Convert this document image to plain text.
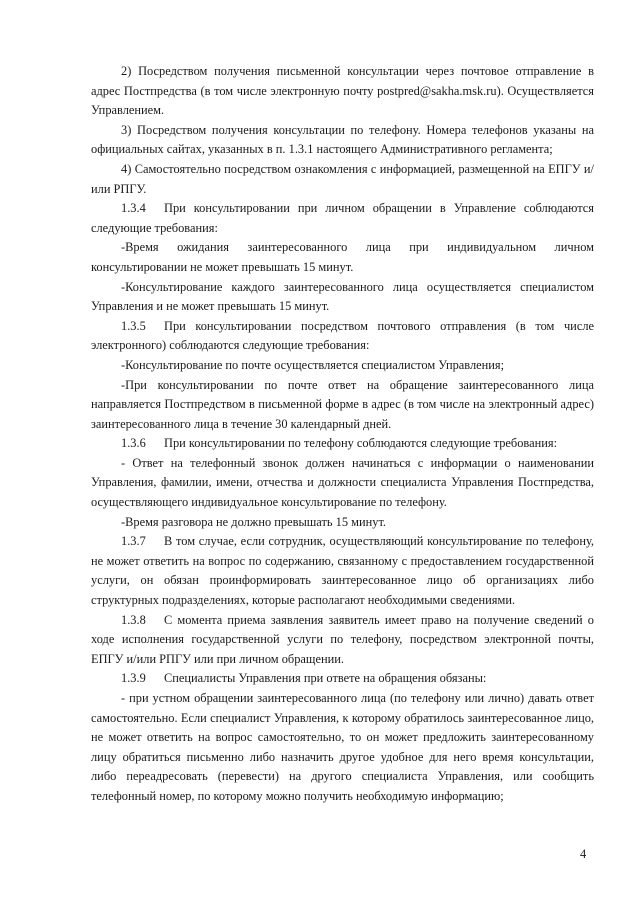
2) Посредством получения письменной консультации через почтовое отправление в адрес Постпредства (в том числе электронную почту postpred@sakha.msk.ru). Осуществляется Управлением.

3) Посредством получения консультации по телефону. Номера телефонов указаны на официальных сайтах, указанных в п. 1.3.1 настоящего Административного регламента;

4) Самостоятельно посредством ознакомления с информацией, размещенной на ЕПГУ и/или РПГУ.

1.3.4 При консультировании при личном обращении в Управление соблюдаются следующие требования:

-Время ожидания заинтересованного лица при индивидуальном личном консультировании не может превышать 15 минут.

-Консультирование каждого заинтересованного лица осуществляется специалистом Управления и не может превышать 15 минут.

1.3.5 При консультировании посредством почтового отправления (в том числе электронного) соблюдаются следующие требования:

-Консультирование по почте осуществляется специалистом Управления;

-При консультировании по почте ответ на обращение заинтересованного лица направляется Постпредством в письменной форме в адрес (в том числе на электронный адрес) заинтересованного лица в течение 30 календарный дней.

1.3.6 При консультировании по телефону соблюдаются следующие требования:

- Ответ на телефонный звонок должен начинаться с информации о наименовании Управления, фамилии, имени, отчества и должности специалиста Управления Постпредства, осуществляющего индивидуальное консультирование по телефону.

-Время разговора не должно превышать 15 минут.

1.3.7 В том случае, если сотрудник, осуществляющий консультирование по телефону, не может ответить на вопрос по содержанию, связанному с предоставлением государственной услуги, он обязан проинформировать заинтересованное лицо об организациях либо структурных подразделениях, которые располагают необходимыми сведениями.

1.3.8 С момента приема заявления заявитель имеет право на получение сведений о ходе исполнения государственной услуги по телефону, посредством электронной почты, ЕПГУ и/или РПГУ или при личном обращении.

1.3.9 Специалисты Управления при ответе на обращения обязаны:

- при устном обращении заинтересованного лица (по телефону или лично) давать ответ самостоятельно. Если специалист Управления, к которому обратилось заинтересованное лицо, не может ответить на вопрос самостоятельно, то он может предложить заинтересованному лицу обратиться письменно либо назначить другое удобное для него время консультации, либо переадресовать (перевести) на другого специалиста Управления, или сообщить телефонный номер, по которому можно получить необходимую информацию;

4
